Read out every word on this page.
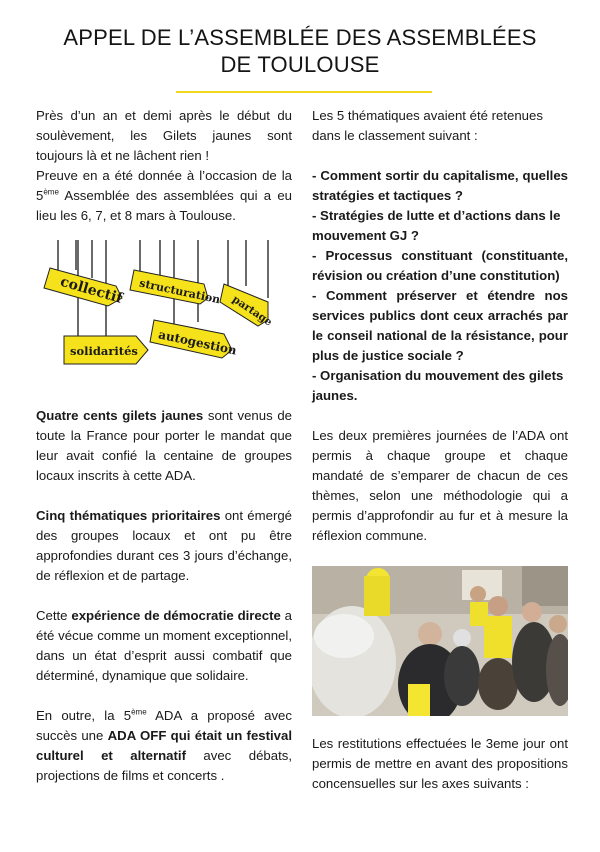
APPEL DE L’ASSEMBLÉE DES ASSEMBLÉES
DE TOULOUSE

Près d’un an et demi après le début du soulèvement, les Gilets jaunes sont toujours là et ne lâchent rien !

Preuve en a été donnée à l’occasion de la 5ème Assemblée des assemblées qui a eu lieu les 6, 7, et 8 mars à Toulouse.

collectif structuration
partage
solidarités autogestion

Quatre cents gilets jaunes sont venus de toute la France pour porter le mandat que leur avait confié la centaine de groupes locaux inscrits à cette ADA.

Cinq thématiques prioritaires ont émergé des groupes locaux et ont pu être approfondies durant ces 3 jours d’échange, de réflexion et de partage.

Cette expérience de démocratie directe a été vécue comme un moment exceptionnel, dans un état d’esprit aussi combatif que déterminé, dynamique que solidaire.

En outre, la 5ème ADA a proposé avec succès une ADA OFF qui était un festival culturel et alternatif avec débats, projections de films et concerts .

Les 5 thématiques avaient été retenues dans le classement suivant :

- Comment sortir du capitalisme, quelles stratégies et tactiques ?

- Stratégies de lutte et d’actions dans le mouvement GJ ?

- Processus constituant (constituante, révision ou création d’une constitution)

- Comment préserver et étendre nos services publics dont ceux arrachés par le conseil national de la résistance, pour plus de justice sociale ?

- Organisation du mouvement des gilets jaunes.

Les deux premières journées de l’ADA ont permis à chaque groupe et chaque mandaté de s’emparer de chacun de ces thèmes, selon une méthodologie qui a permis d’approfondir au fur et à mesure la réflexion commune.

Les restitutions effectuées le 3eme jour ont permis de mettre en avant des propositions concensuelles sur les axes suivants :
